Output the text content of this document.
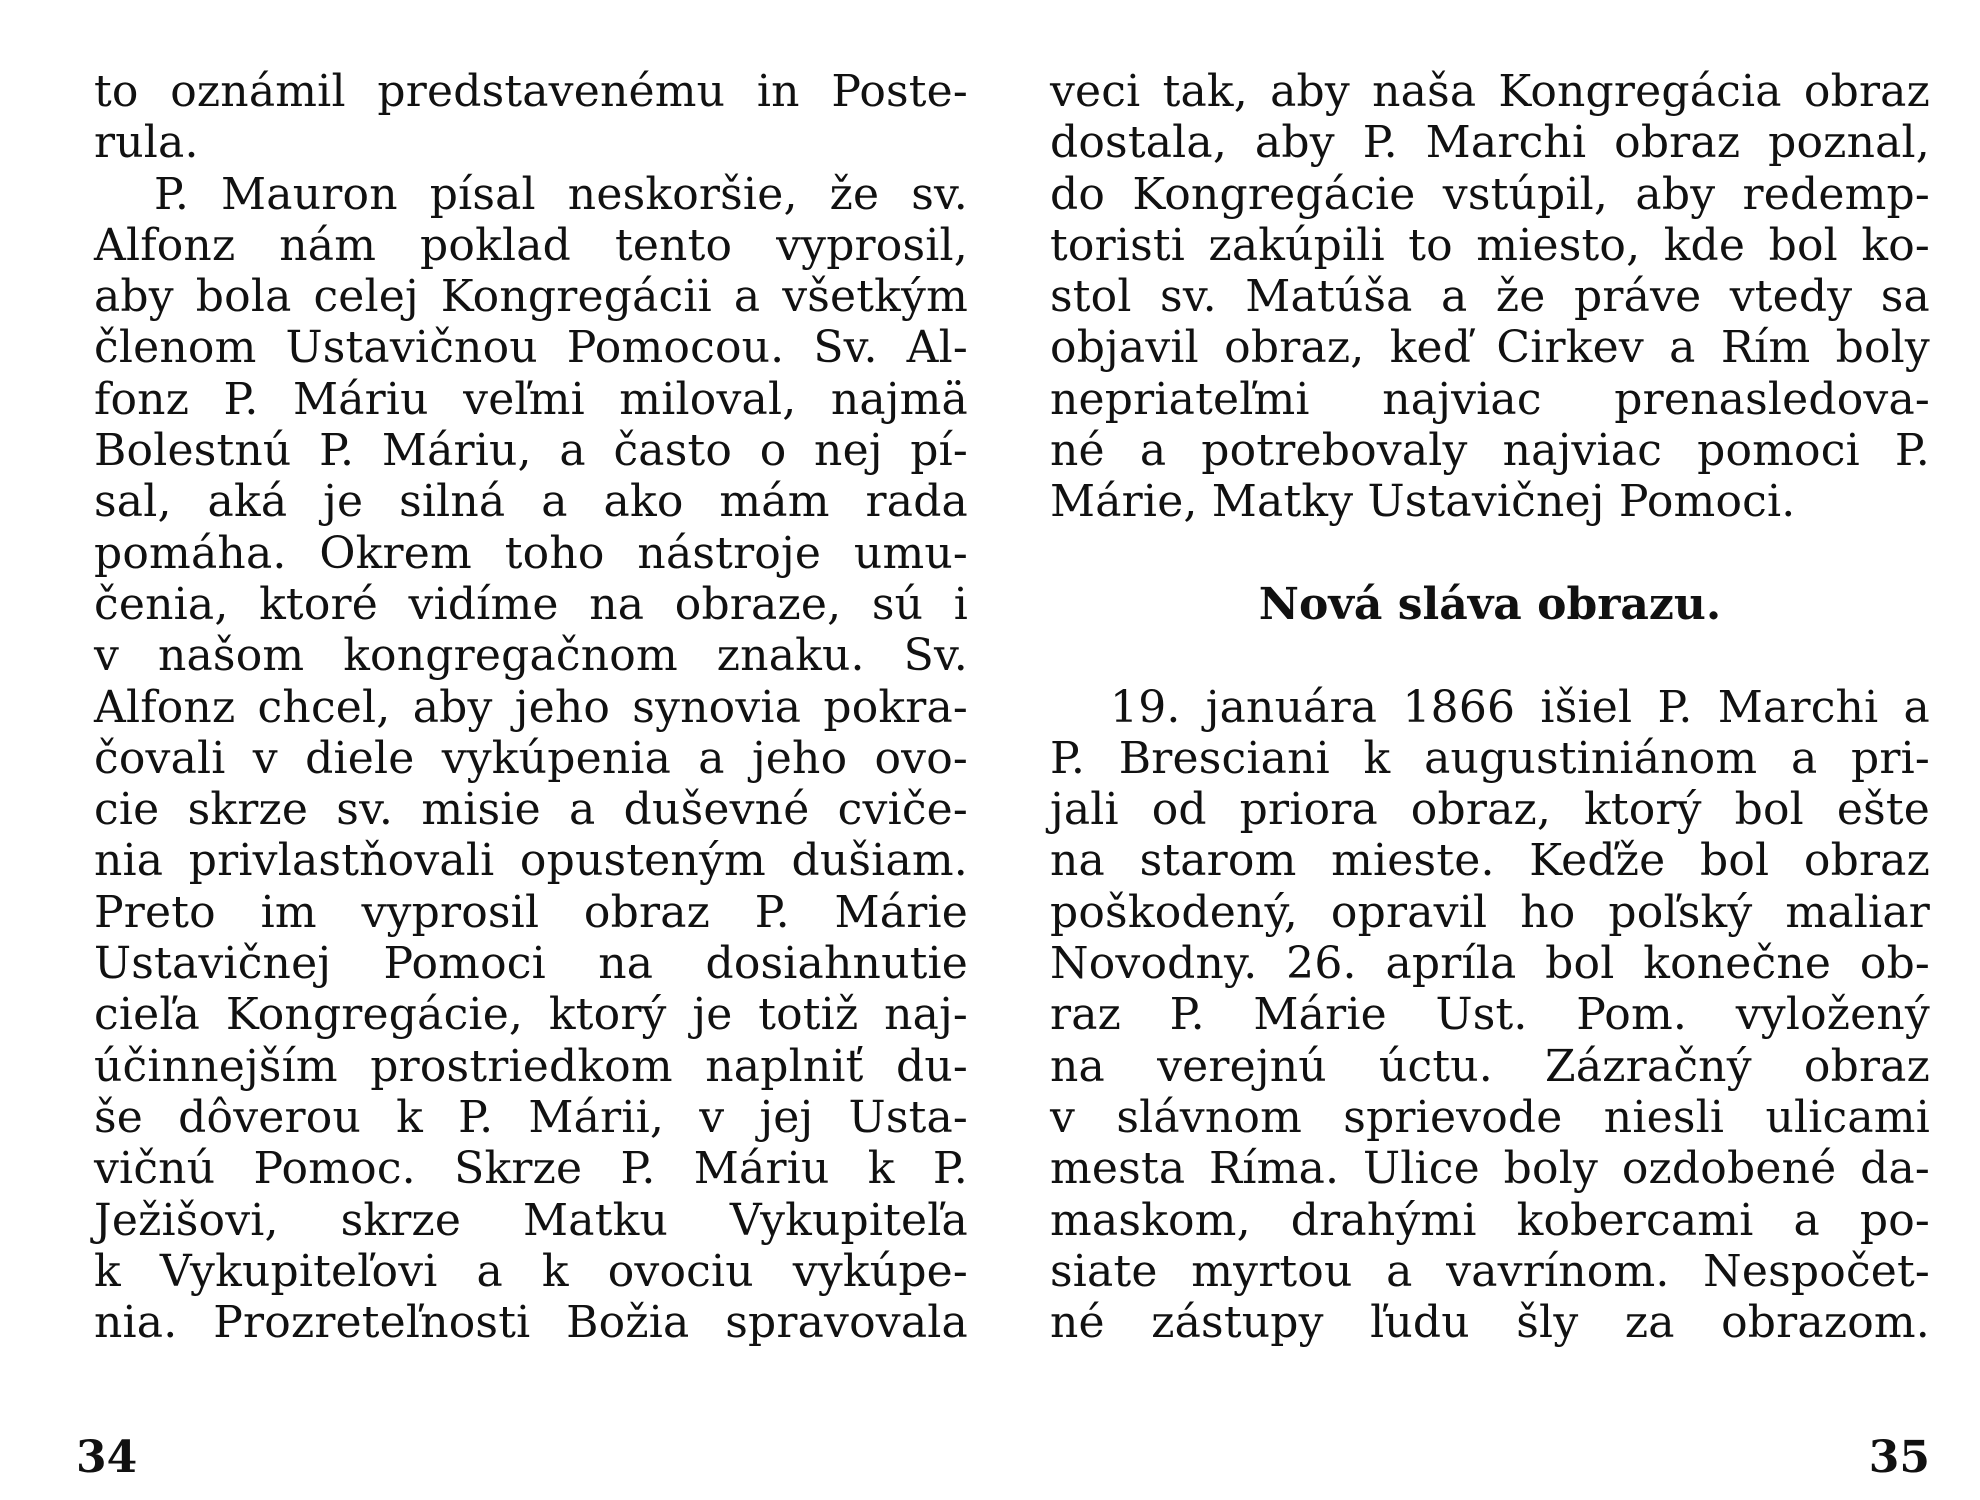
to oznámil predstavenému in Poste-
rula.
P. Mauron písal neskoršie, že sv.
Alfonz nám poklad tento vyprosil,
aby bola celej Kongregácii a všetkým
členom Ustavičnou Pomocou. Sv. Al-
fonz P. Máriu veľmi miloval, najmä
Bolestnú P. Máriu, a často o nej pí-
sal, aká je silná a ako mám rada
pomáha. Okrem toho nástroje umu-
čenia, ktoré vidíme na obraze, sú i
v našom kongregačnom znaku. Sv.
Alfonz chcel, aby jeho synovia pokra-
čovali v diele vykúpenia a jeho ovo-
cie skrze sv. misie a duševné cviče-
nia privlastňovali opusteným dušiam.
Preto im vyprosil obraz P. Márie
Ustavičnej Pomoci na dosiahnutie
cieľa Kongregácie, ktorý je totiž naj-
účinnejším prostriedkom naplniť du-
še dôverou k P. Márii, v jej Usta-
vičnú Pomoc. Skrze P. Máriu k P.
Ježišovi, skrze Matku Vykupiteľa
k Vykupiteľovi a k ovociu vykúpe-
nia. Prozreteľnosti Božia spravovala
34
veci tak, aby naša Kongregácia obraz
dostala, aby P. Marchi obraz poznal,
do Kongregácie vstúpil, aby redemp-
toristi zakúpili to miesto, kde bol ko-
stol sv. Matúša a že práve vtedy sa
objavil obraz, keď Cirkev a Rím boly
nepriateľmi najviac prenasledova-
né a potrebovaly najviac pomoci P.
Márie, Matky Ustavičnej Pomoci.
Nová sláva obrazu.
19. januára 1866 išiel P. Marchi a
P. Bresciani k augustiniánom a pri-
jali od priora obraz, ktorý bol ešte
na starom mieste. Keďže bol obraz
poškodený, opravil ho poľský maliar
Novodny. 26. apríla bol konečne ob-
raz P. Márie Ust. Pom. vyložený
na verejnú úctu. Zázračný obraz
v slávnom sprievode niesli ulicami
mesta Ríma. Ulice boly ozdobené da-
maskom, drahými kobercami a po-
siate myrtou a vavrínom. Nespočet-
né zástupy ľudu šly za obrazom.
35
